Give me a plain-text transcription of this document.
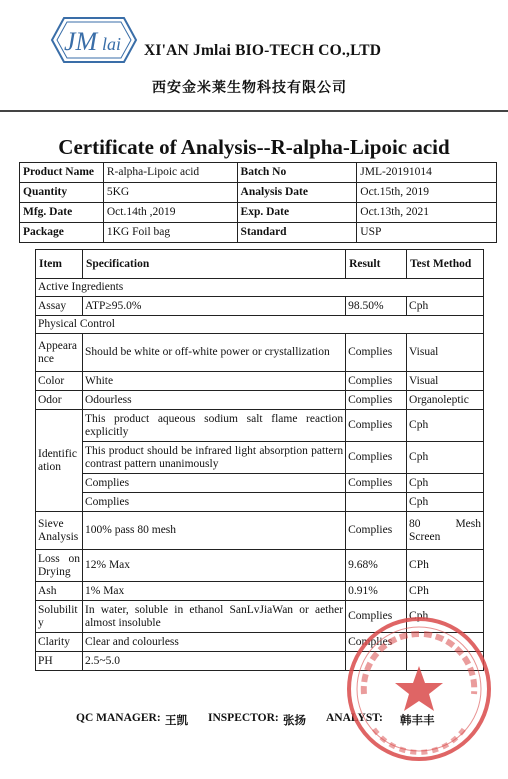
JM lai XI'AN Jmlai BIO-TECH CO.,LTD
西安金米莱生物科技有限公司
Certificate of Analysis--R-alpha-Lipoic acid
Product Name	R-alpha-Lipoic acid	Batch No	JML-20191014
Quantity	5KG	Analysis Date	Oct.15th, 2019
Mfg. Date	Oct.14th ,2019	Exp. Date	Oct.13th, 2021
Package	1KG Foil bag	Standard	USP
Item	Specification	Result	Test Method
Active Ingredients			
Assay	ATP≥95.0%	98.50%	Cph
Physical Control			
Appearance	Should be white or off-white power or crystallization	Complies	Visual
Color	White	Complies	Visual
Odor	Odourless	Complies	Organoleptic
Identification	This product aqueous sodium salt flame reaction explicitly	Complies	Cph
	This product should be infrared light absorption pattern contrast pattern unanimously	Complies	Cph
	Complies	Complies	Cph
	Complies		Cph
Sieve Analysis	100% pass 80 mesh	Complies	80 Mesh Screen
Loss on Drying	12% Max	9.68%	CPh
Ash	1% Max	0.91%	CPh
Solubility	In water, soluble in ethanol SanLvJiaWan or aether almost insoluble	Complies	Cph
Clarity	Clear and colourless	Complies	
PH	2.5~5.0		
QC MANAGER: 王凯 INSPECTOR: 张扬 ANALYST: 韩丰丰
